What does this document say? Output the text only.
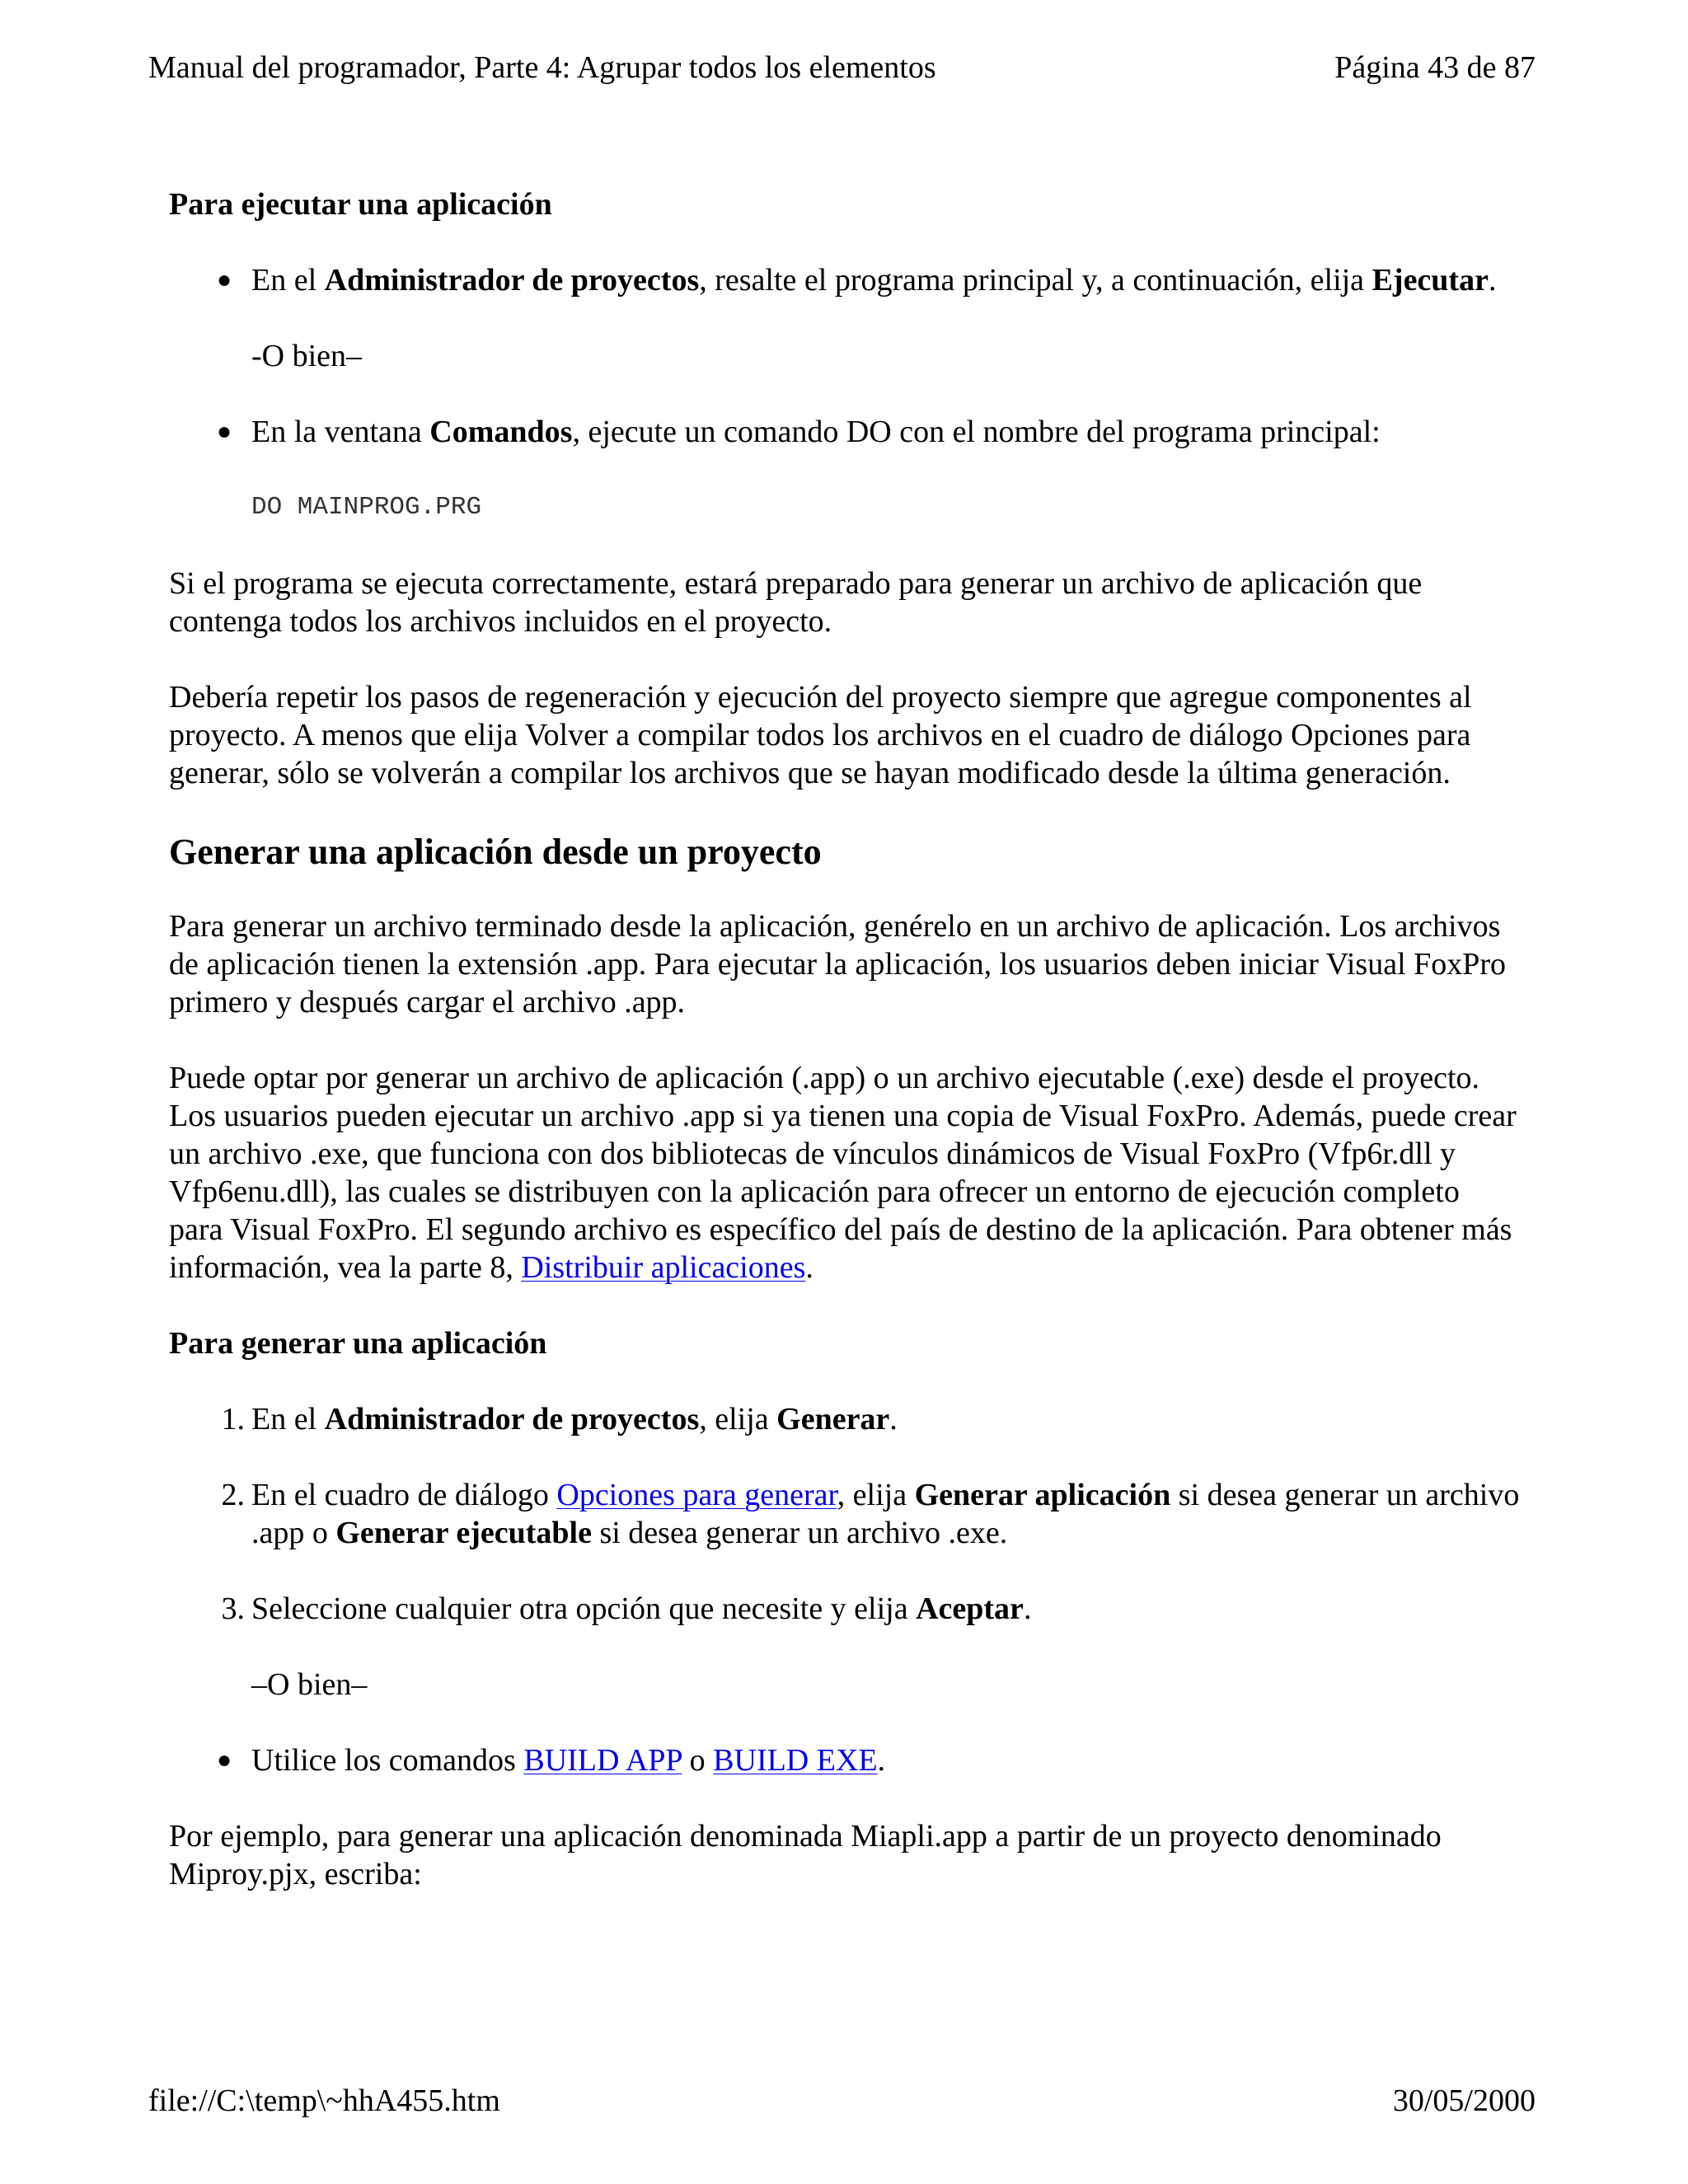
Manual del programador, Parte 4: Agrupar todos los elementos	Página 43 de 87

Para ejecutar una aplicación

● En el Administrador de proyectos, resalte el programa principal y, a continuación, elija Ejecutar.

-O bien–

● En la ventana Comandos, ejecute un comando DO con el nombre del programa principal:

DO MAINPROG.PRG

Si el programa se ejecuta correctamente, estará preparado para generar un archivo de aplicación que contenga todos los archivos incluidos en el proyecto.

Debería repetir los pasos de regeneración y ejecución del proyecto siempre que agregue componentes al proyecto. A menos que elija Volver a compilar todos los archivos en el cuadro de diálogo Opciones para generar, sólo se volverán a compilar los archivos que se hayan modificado desde la última generación.

Generar una aplicación desde un proyecto

Para generar un archivo terminado desde la aplicación, genérelo en un archivo de aplicación. Los archivos de aplicación tienen la extensión .app. Para ejecutar la aplicación, los usuarios deben iniciar Visual FoxPro primero y después cargar el archivo .app.

Puede optar por generar un archivo de aplicación (.app) o un archivo ejecutable (.exe) desde el proyecto. Los usuarios pueden ejecutar un archivo .app si ya tienen una copia de Visual FoxPro. Además, puede crear un archivo .exe, que funciona con dos bibliotecas de vínculos dinámicos de Visual FoxPro (Vfp6r.dll y Vfp6enu.dll), las cuales se distribuyen con la aplicación para ofrecer un entorno de ejecución completo para Visual FoxPro. El segundo archivo es específico del país de destino de la aplicación. Para obtener más información, vea la parte 8, Distribuir aplicaciones.

Para generar una aplicación

1. En el Administrador de proyectos, elija Generar.
2. En el cuadro de diálogo Opciones para generar, elija Generar aplicación si desea generar un archivo .app o Generar ejecutable si desea generar un archivo .exe.
3. Seleccione cualquier otra opción que necesite y elija Aceptar.

–O bien–

● Utilice los comandos BUILD APP o BUILD EXE.

Por ejemplo, para generar una aplicación denominada Miapli.app a partir de un proyecto denominado Miproy.pjx, escriba:

file://C:\temp\~hhA455.htm	30/05/2000
